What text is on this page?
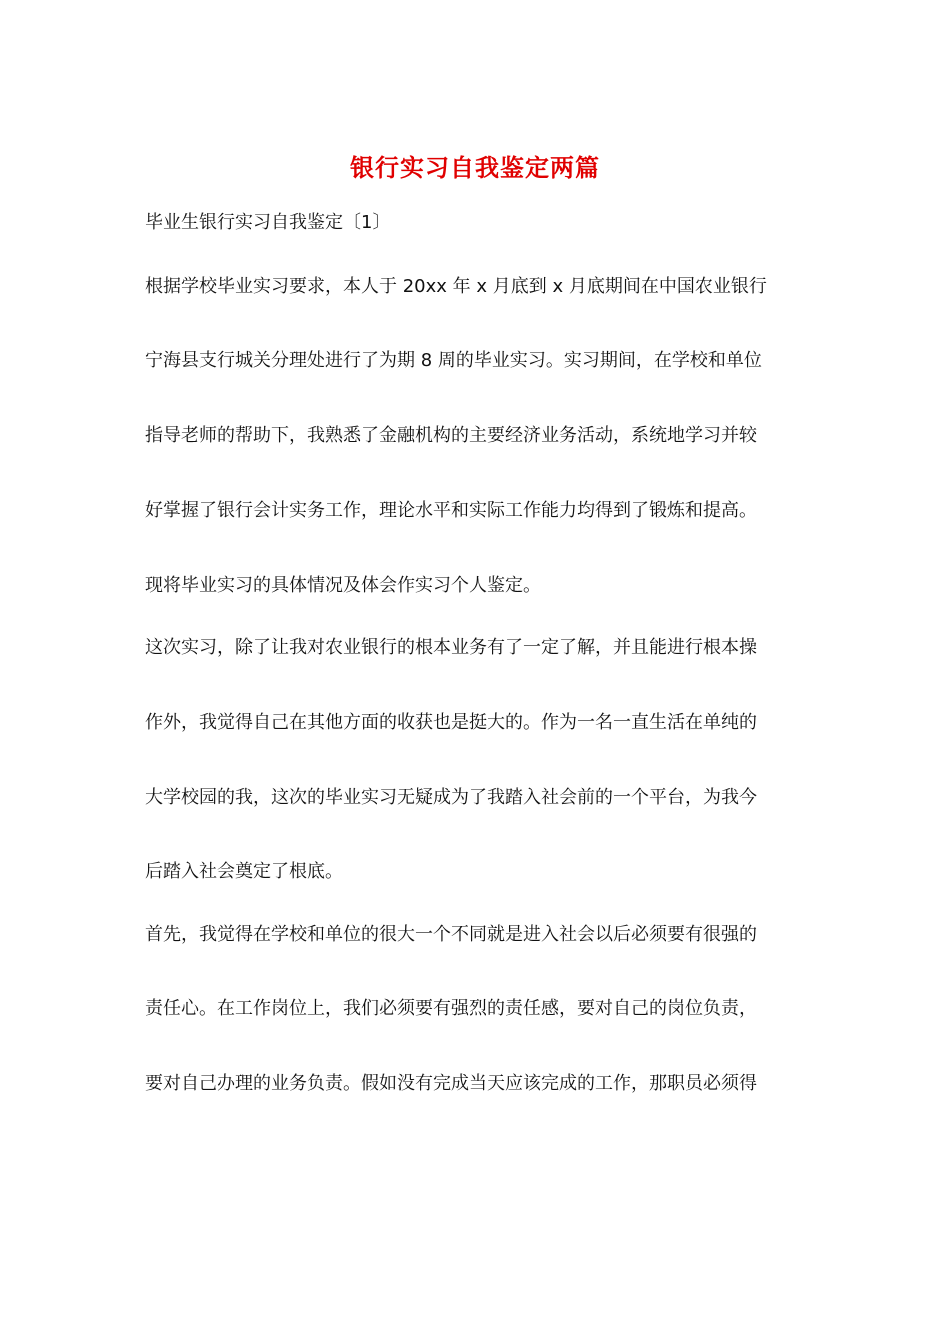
银行实习自我鉴定两篇
毕业生银行实习自我鉴定〔1〕
根据学校毕业实习要求，本人于 20xx 年 x 月底到 x 月底期间在中国农业银行
宁海县支行城关分理处进行了为期 8 周的毕业实习。实习期间，在学校和单位
指导老师的帮助下，我熟悉了金融机构的主要经济业务活动，系统地学习并较
好掌握了银行会计实务工作，理论水平和实际工作能力均得到了锻炼和提高。
现将毕业实习的具体情况及体会作实习个人鉴定。
这次实习，除了让我对农业银行的根本业务有了一定了解，并且能进行根本操
作外，我觉得自己在其他方面的收获也是挺大的。作为一名一直生活在单纯的
大学校园的我，这次的毕业实习无疑成为了我踏入社会前的一个平台，为我今
后踏入社会奠定了根底。
首先，我觉得在学校和单位的很大一个不同就是进入社会以后必须要有很强的
责任心。在工作岗位上，我们必须要有强烈的责任感，要对自己的岗位负责，
要对自己办理的业务负责。假如没有完成当天应该完成的工作，那职员必须得
